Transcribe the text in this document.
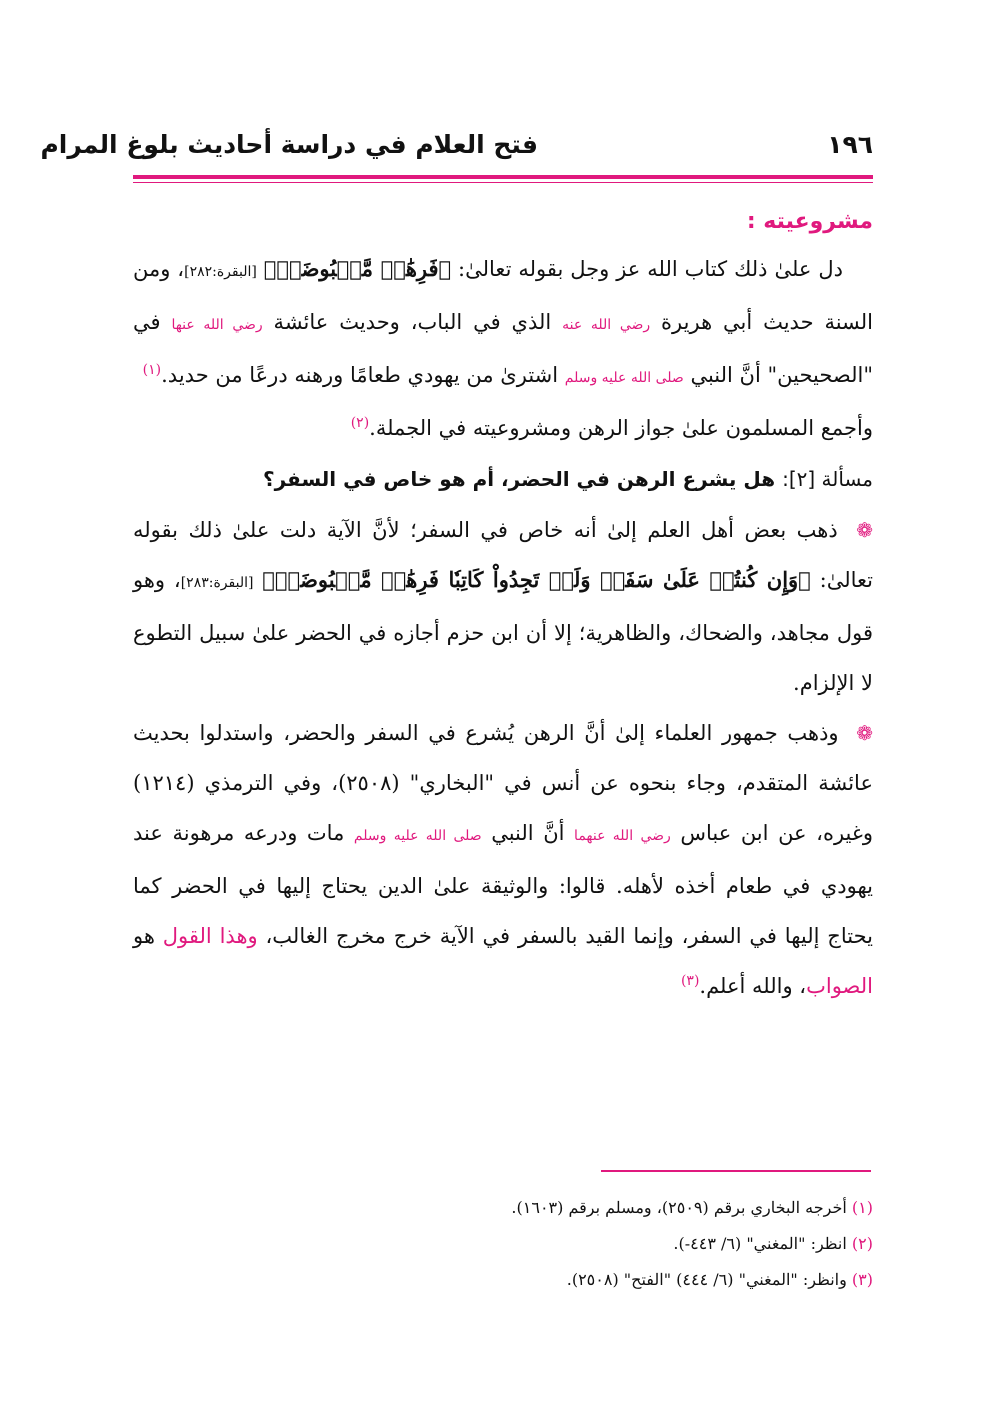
فتح العلام في دراسة أحاديث بلوغ المرام	١٩٦

مشروعيته :

دل علىٰ ذلك كتاب الله عز وجل بقوله تعالىٰ: ﴿فَرِهَٰنٞ مَّقۡبُوضَةٞ﴾ [البقرة:٢٨٢]، ومن السنة حديث أبي هريرة رضي الله عنه الذي في الباب، وحديث عائشة رضي الله عنها في "الصحيحين" أنَّ النبي صلى الله عليه وسلم اشترىٰ من يهودي طعامًا ورهنه درعًا من حديد.$^{(١)}$

وأجمع المسلمون علىٰ جواز الرهن ومشروعيته في الجملة.$^{(٢)}$

مسألة [٢]: هل يشرع الرهن في الحضر، أم هو خاص في السفر؟

❁ ذهب بعض أهل العلم إلىٰ أنه خاص في السفر؛ لأنَّ الآية دلت علىٰ ذلك بقوله تعالىٰ: ﴿وَإِن كُنتُمۡ عَلَىٰ سَفَرٖ وَلَمۡ تَجِدُواْ كَاتِبٗا فَرِهَٰنٞ مَّقۡبُوضَةٞ﴾ [البقرة:٢٨٣]، وهو قول مجاهد، والضحاك، والظاهرية؛ إلا أن ابن حزم أجازه في الحضر علىٰ سبيل التطوع لا الإلزام.

❁ وذهب جمهور العلماء إلىٰ أنَّ الرهن يُشرع في السفر والحضر، واستدلوا بحديث عائشة المتقدم، وجاء بنحوه عن أنس في "البخاري" (٢٥٠٨)، وفي الترمذي (١٢١٤) وغيره، عن ابن عباس رضي الله عنهما أنَّ النبي صلى الله عليه وسلم مات ودرعه مرهونة عند يهودي في طعام أخذه لأهله. قالوا: والوثيقة علىٰ الدين يحتاج إليها في الحضر كما يحتاج إليها في السفر، وإنما القيد بالسفر في الآية خرج مخرج الغالب، وهذا القول هو الصواب، والله أعلم.$^{(٣)}$

(١) أخرجه البخاري برقم (٢٥٠٩)، ومسلم برقم (١٦٠٣).

(٢) انظر: "المغني" (٦/ ٤٤٣-).

(٣) وانظر: "المغني" (٦/ ٤٤٤) "الفتح" (٢٥٠٨).
